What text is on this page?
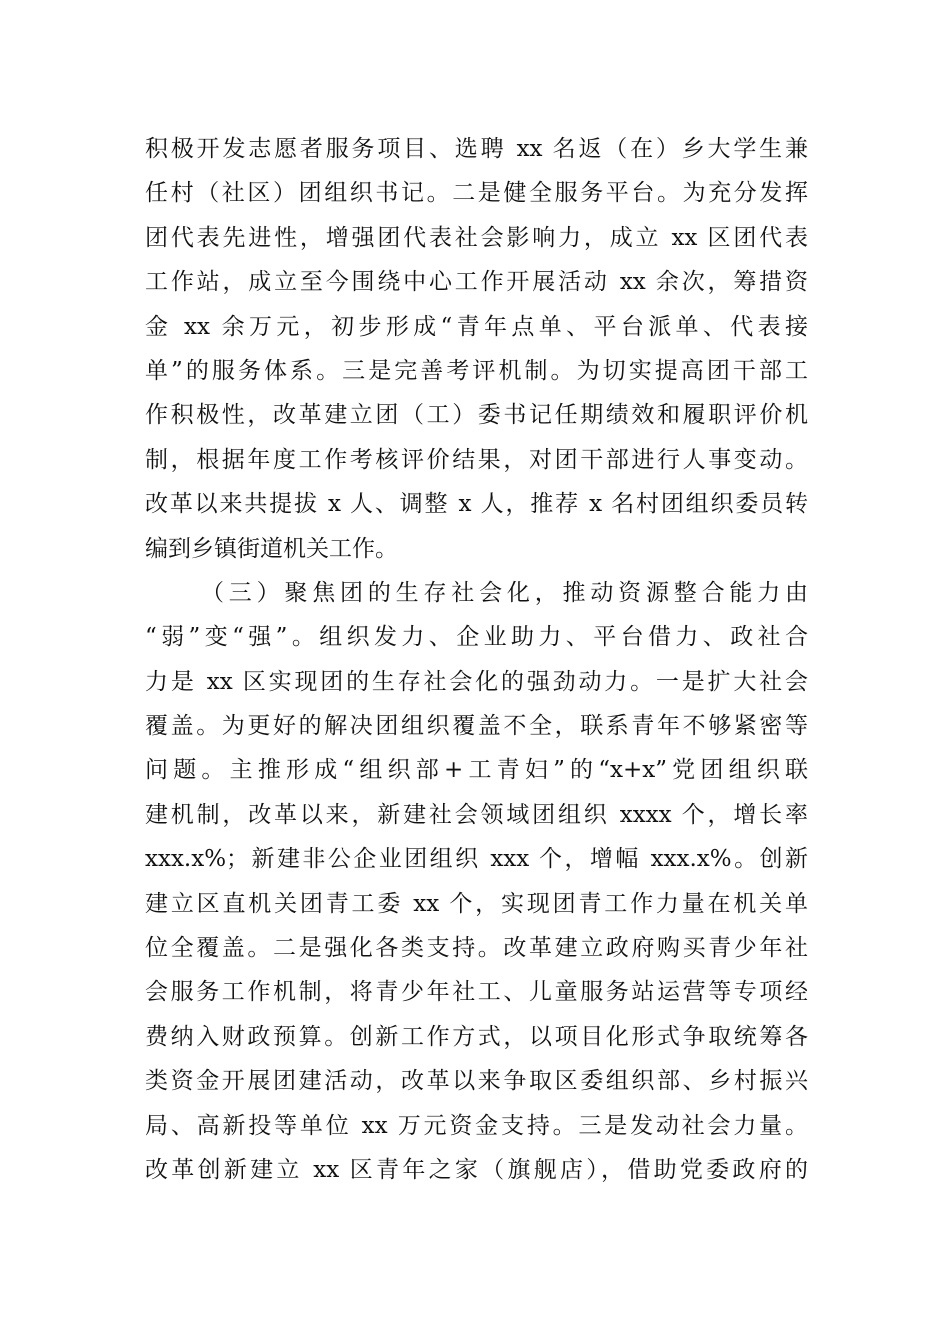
积极开发志愿者服务项目、选聘 xx 名返（在）乡大学生兼
任村（社区）团组织书记。二是健全服务平台。为充分发挥
团代表先进性，增强团代表社会影响力，成立 xx 区团代表
工作站，成立至今围绕中心工作开展活动 xx 余次，筹措资
金 xx 余万元，初步形成“青年点单、平台派单、代表接
单”的服务体系。三是完善考评机制。为切实提高团干部工
作积极性，改革建立团（工）委书记任期绩效和履职评价机
制，根据年度工作考核评价结果，对团干部进行人事变动。
改革以来共提拔 x 人、调整 x 人，推荐 x 名村团组织委员转
编到乡镇街道机关工作。
（三）聚焦团的生存社会化，推动资源整合能力由
“弱”变“强”。组织发力、企业助力、平台借力、政社合
力是 xx 区实现团的生存社会化的强劲动力。一是扩大社会
覆盖。为更好的解决团组织覆盖不全，联系青年不够紧密等
问题。主推形成“组织部+工青妇”的“x+x”党团组织联
建机制，改革以来，新建社会领域团组织 xxxx 个，增长率
xxx.x%；新建非公企业团组织 xxx 个，增幅 xxx.x%。创新
建立区直机关团青工委 xx 个，实现团青工作力量在机关单
位全覆盖。二是强化各类支持。改革建立政府购买青少年社
会服务工作机制，将青少年社工、儿童服务站运营等专项经
费纳入财政预算。创新工作方式，以项目化形式争取统筹各
类资金开展团建活动，改革以来争取区委组织部、乡村振兴
局、高新投等单位 xx 万元资金支持。三是发动社会力量。
改革创新建立 xx 区青年之家（旗舰店），借助党委政府的
